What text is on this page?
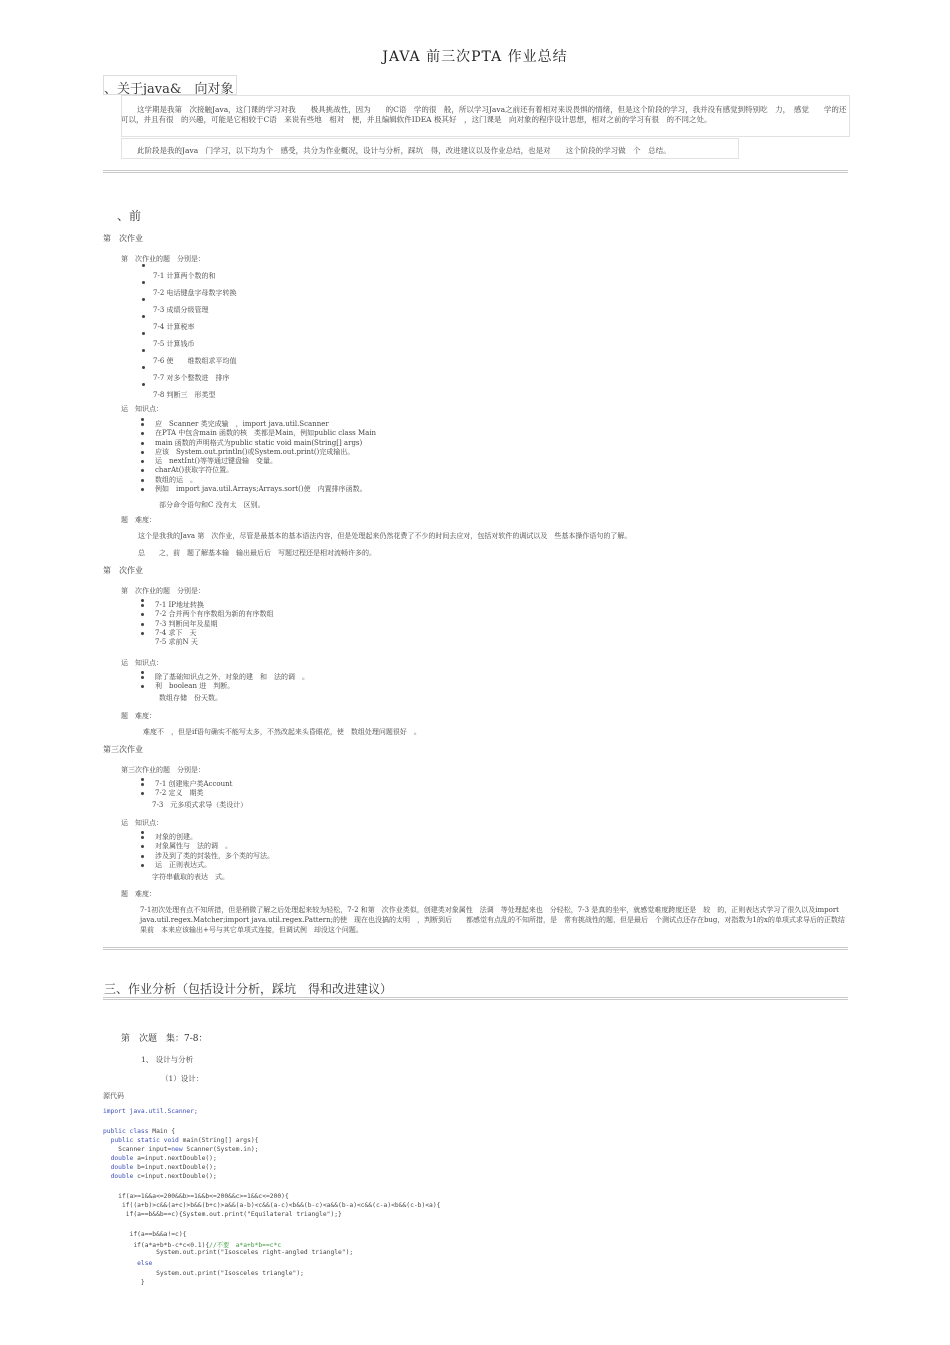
JAVA 前三次PTA 作业总结
、关于java&　向对象
这学期是我第　次接触Java，这门课的学习对我　　极具挑战性，因为　　的C语　学的很　般，所以学习Java之前还有着相对来说畏惧的情绪，但是这个阶段的学习，我并没有感觉到特别吃　力，　感觉　　学的还可以，并且有很　的兴趣，可能是它相较于C语　来说有些地　相对　便，并且编辑软件IDEA 极其好　，这门课是　向对象的程序设计思想，相对之前的学习有很　的不同之处。
此阶段是我的Java　门学习，以下均为个　感受，共分为作业概况，设计与分析，踩坑　得，改进建议以及作业总结，也是对　　这个阶段的学习做　个　总结。
、前
第　次作业
第　次作业的题　分别是：
7-1 计算两个数的和
7-2 电话键盘字母数字转换
7-3 成绩分级管理
7-4 计算税率
7-5 计算钱币
7-6 使　　维数组求平均值
7-7 对多个整数进　排序
7-8 判断三　形类型
运　知识点：
应　Scanner 类完成输　，import java.util.Scanner
在PTA 中包含main 函数的核　类都是Main，例如public class Main
main 函数的声明格式为public static void main(String[] args)
应该　System.out.println()或System.out.print()完成输出。
运　nextInt()等等通过键盘输　变量。
charAt()获取字符位置。
数组的运　。
例如　import java.util.Arrays;Arrays.sort()使　内置排序函数。
部分命令语句和C 没有太　区别。
题　难度：
这个是我我的Java 第　次作业，尽管是最基本的基本语法内容，但是处理起来仍然花费了不少的时间去应对，包括对软件的调试以及　些基本操作语句的了解。
总　　之，前　题了解基本输　输出最后后　写题过程还是相对流畅许多的。
第　次作业
第　次作业的题　分别是：
7-1 IP地址转换
7-2 合并两个有序数组为新的有序数组
7-3 判断闰年及星期
7-4 求下　天
7-5 求前N 天
运　知识点：
除了基础知识点之外，对象的建　和　法的调　。
利　boolean 进　判断。
数组存储　份天数。
题　难度：
难度不　，但是if语句确实不能写太多，不然改起来头昏眼花，使　数组处理问题很好　。
第三次作业
第三次作业的题　分别是：
7-1 创建账户类Account
7-2 定义　期类
7-3　元多项式求导（类设计）
运　知识点：
对象的创建。
对象属性与　法的调　。
涉及到了类的封装性，多个类的写法。
运　正则表达式。
字符串截取的表达　式。
题　难度：
7-1初次处理有点不知所措，但是稍微了解之后处理起来较为轻松，7-2 和第　次作业类似，创建类对象属性　法调　等处理起来也　分轻松，7-3 是真的坐牢，就感觉难度跨度还是　较　的，正则表达式学习了很久以及import java.util.regex.Matcher;import java.util.regex.Pattern;的使　现在也没搞的太明　，判断到后　　都感觉有点乱的不知所措，是　常有挑战性的题，但是最后　个测试点还存在bug，对指数为1的x的单项式求导后的正数结果前　本来应该输出+号与其它单项式连接，但调试例　却没这个问题。
三、作业分析（包括设计分析，踩坑　得和改进建议）
第　次题　集：7-8：
1、 设计与分析
（1）设计：
源代码
import java.util.Scanner;
public class Main {
public static void main(String[] args){
Scanner input=new Scanner(System.in);
double a=input.nextDouble();
double b=input.nextDouble();
double c=input.nextDouble();
if(a>=1&&a<=200&&b>=1&&b<=200&&c>=1&&c<=200){
if((a+b)>c&&(a+c)>b&&(b+c)>a&&(a-b)<c&&(a-c)<b&&(b-c)<a&&(b-a)<c&&(c-a)<b&&(c-b)<a){
if(a==b&&b==c){System.out.print("Equilateral triangle");}
if(a==b&&a!=c){
if(a*a+b*b-c*c<0.1){//不要　a*a+b*b==c*c
System.out.print("Isosceles right-angled triangle");
else
System.out.print("Isosceles triangle");
}
